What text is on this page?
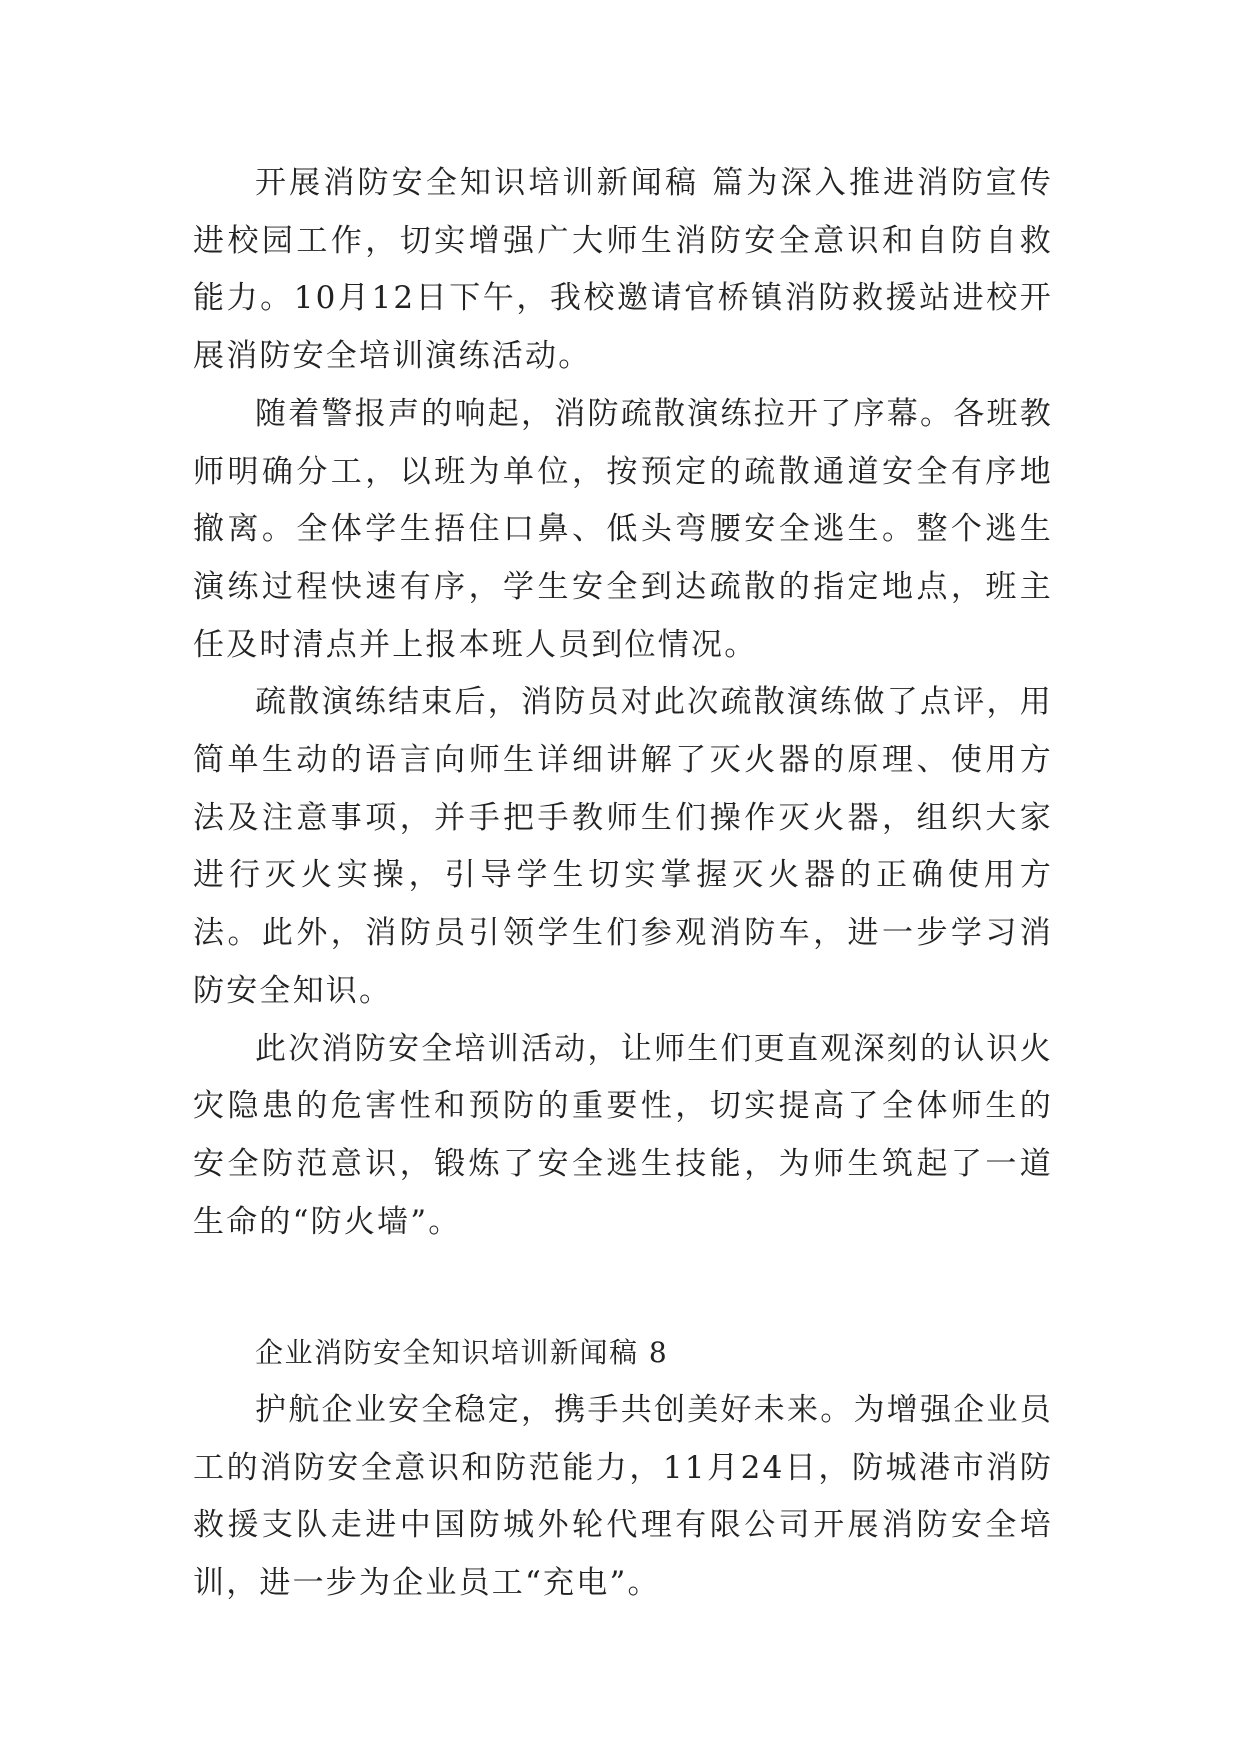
开展消防安全知识培训新闻稿 篇为深入推进消防宣传进校园工作，切实增强广大师生消防安全意识和自防自救能力。10月12日下午，我校邀请官桥镇消防救援站进校开展消防安全培训演练活动。

随着警报声的响起，消防疏散演练拉开了序幕。各班教师明确分工，以班为单位，按预定的疏散通道安全有序地撤离。全体学生捂住口鼻、低头弯腰安全逃生。整个逃生演练过程快速有序，学生安全到达疏散的指定地点，班主任及时清点并上报本班人员到位情况。

疏散演练结束后，消防员对此次疏散演练做了点评，用简单生动的语言向师生详细讲解了灭火器的原理、使用方法及注意事项，并手把手教师生们操作灭火器，组织大家进行灭火实操，引导学生切实掌握灭火器的正确使用方法。此外，消防员引领学生们参观消防车，进一步学习消防安全知识。

此次消防安全培训活动，让师生们更直观深刻的认识火灾隐患的危害性和预防的重要性，切实提高了全体师生的安全防范意识，锻炼了安全逃生技能，为师生筑起了一道生命的“防火墙”。

企业消防安全知识培训新闻稿 8

护航企业安全稳定，携手共创美好未来。为增强企业员工的消防安全意识和防范能力，11月24日，防城港市消防救援支队走进中国防城外轮代理有限公司开展消防安全培训，进一步为企业员工“充电”。
